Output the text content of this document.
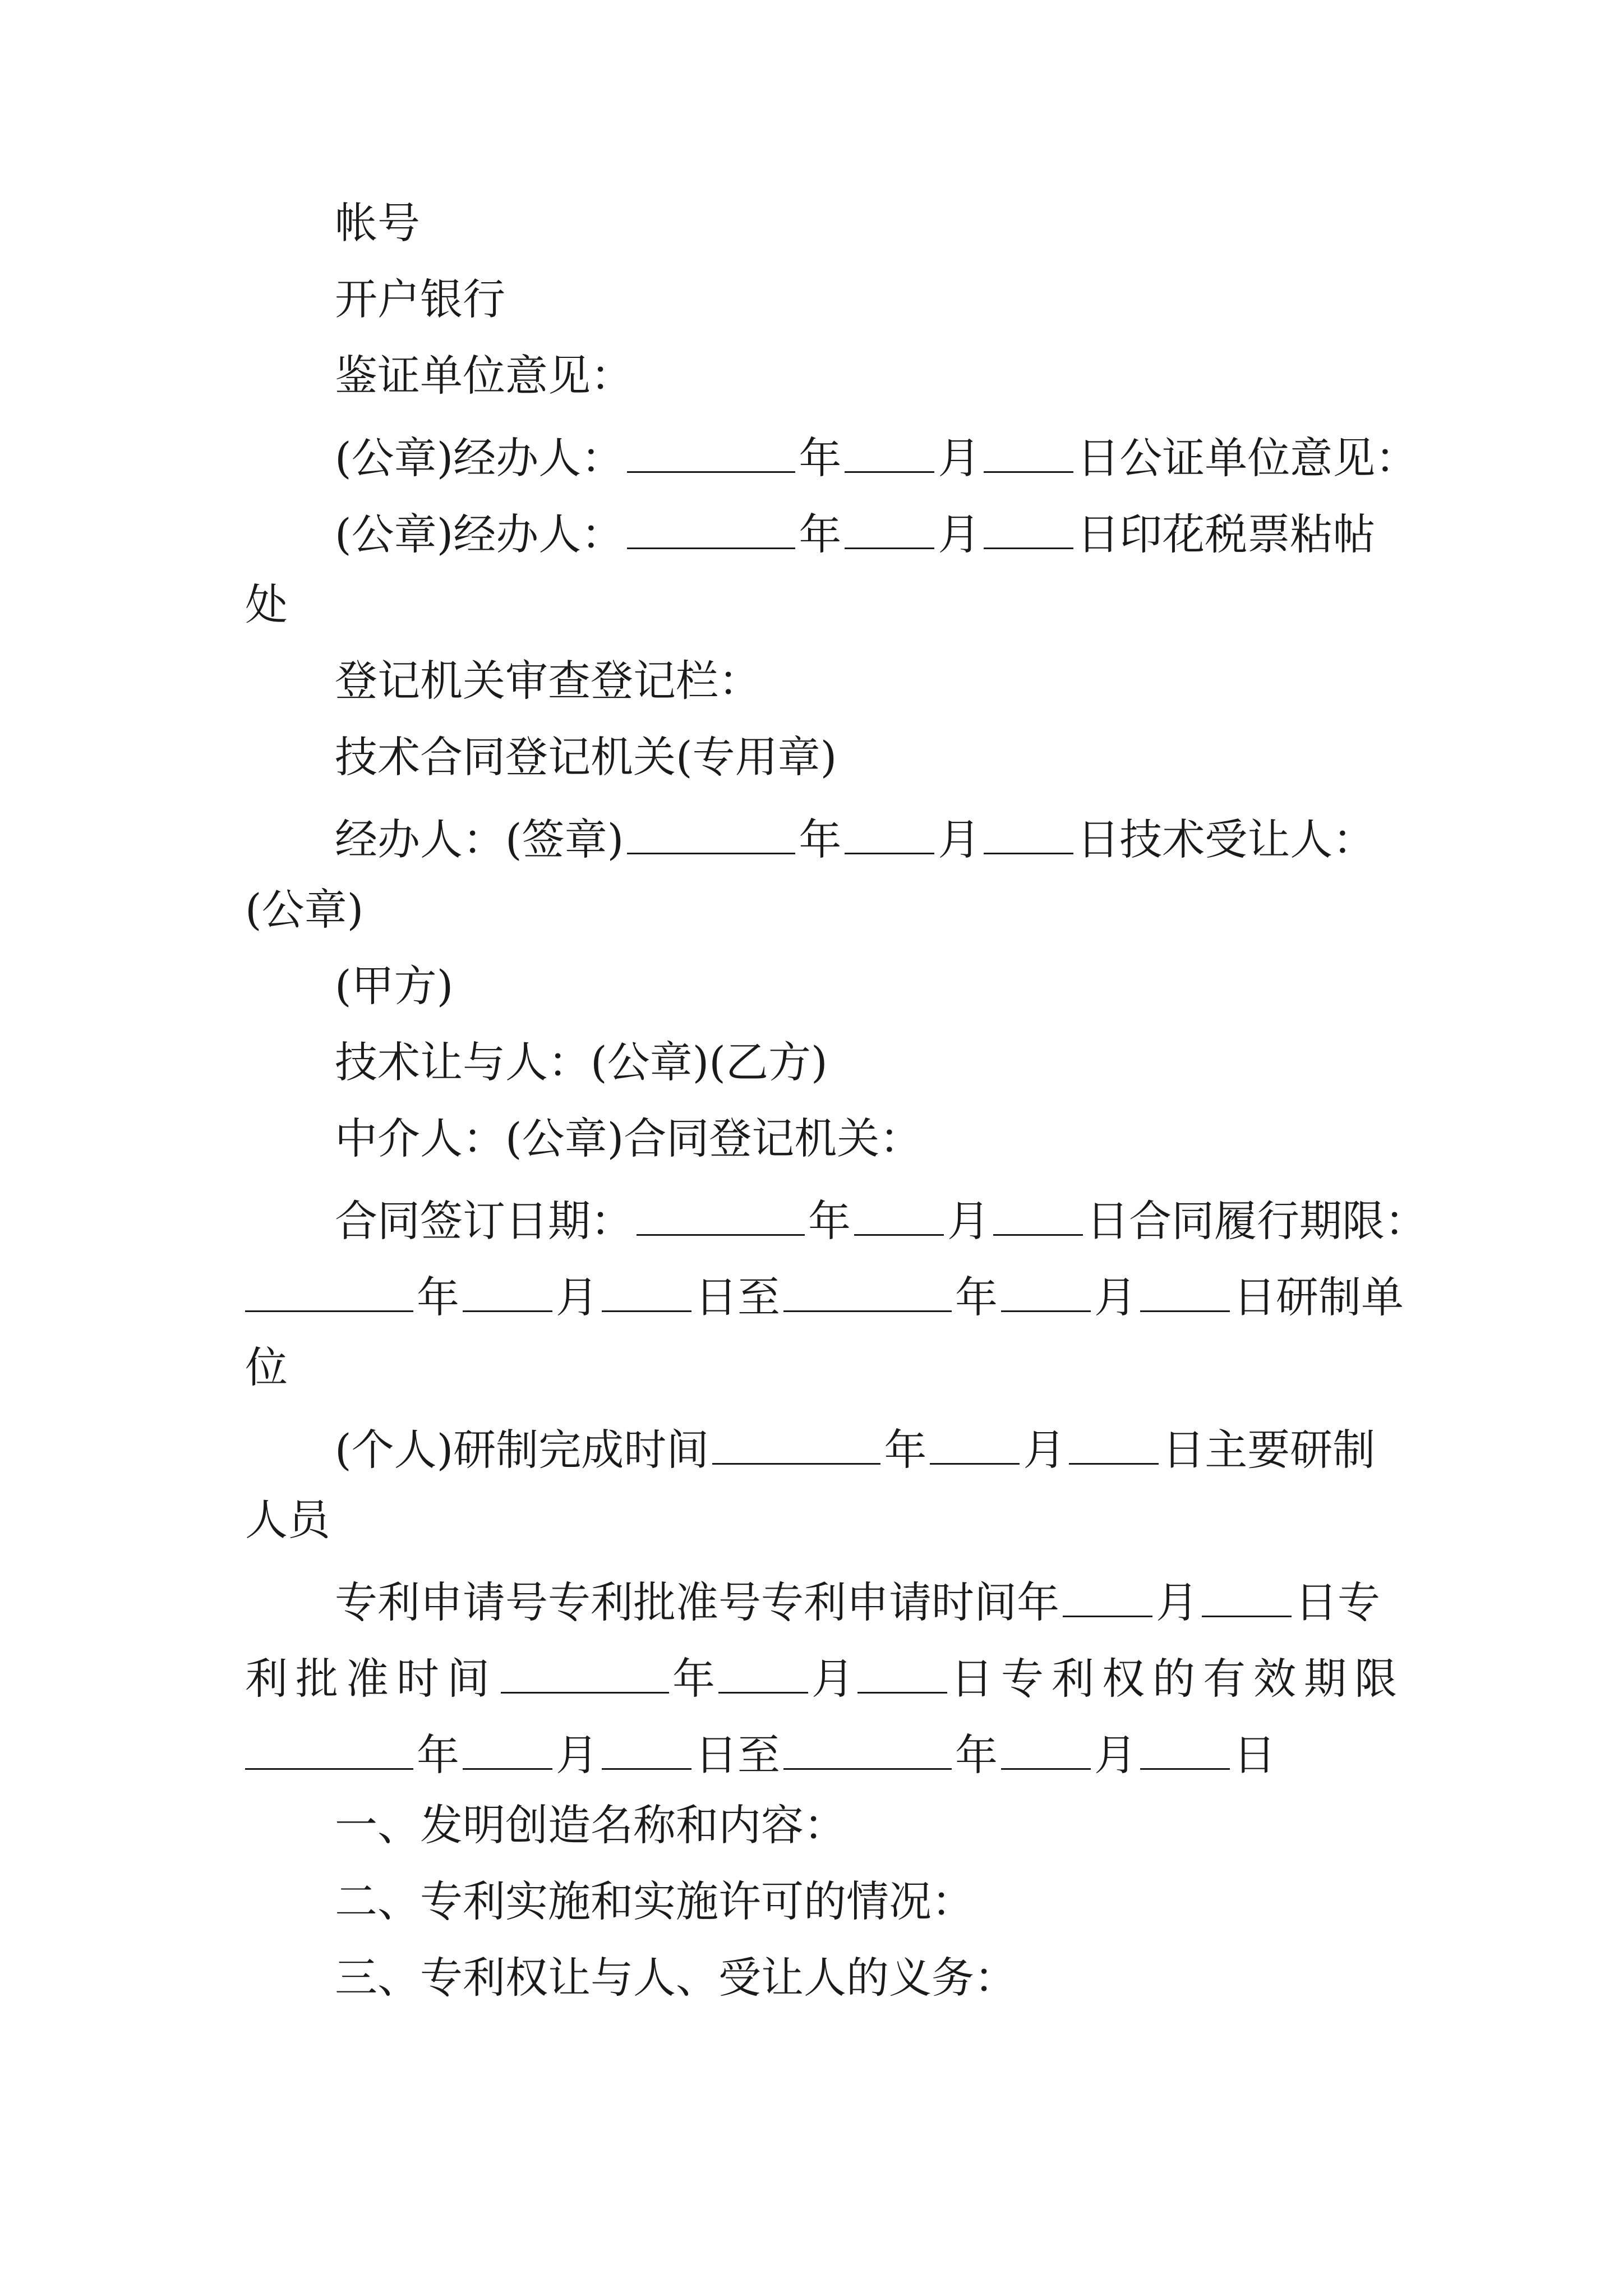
帐号
开户银行
鉴证单位意见：
(公章)经办人：	年 月 日公证单位意见：
(公章)经办人：	年 月 日印花税票粘帖
处
登记机关审查登记栏：
技术合同登记机关(专用章)
经办人：(签章)	年 月 日技术受让人：
(公章)
(甲方)
技术让与人：(公章)(乙方)
中介人：(公章)合同登记机关：
合同签订日期：	年 月 日合同履行期限：
年 月 日至	年 月 日研制单
位
(个人)研制完成时间	年 月 日主要研制
人员
专利申请号专利批准号专利申请时间年 月 日专
利批准时间	年 月 日专利权的有效期限
年 月 日至	年 月 日
一、发明创造名称和内容：
二、专利实施和实施许可的情况：
三、专利权让与人、受让人的义务：
